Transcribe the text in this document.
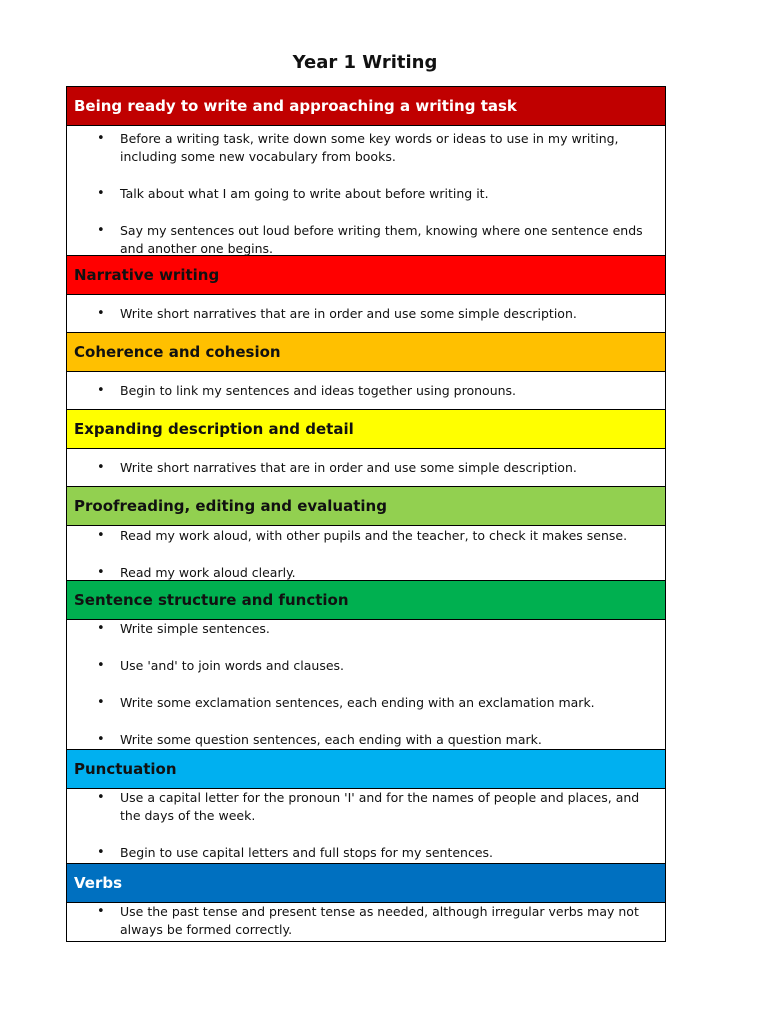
Year 1 Writing
Being ready to write and approaching a writing task
• Before a writing task, write down some key words or ideas to use in my writing, including some new vocabulary from books.
• Talk about what I am going to write about before writing it.
• Say my sentences out loud before writing them, knowing where one sentence ends and another one begins.
Narrative writing
• Write short narratives that are in order and use some simple description.
Coherence and cohesion
• Begin to link my sentences and ideas together using pronouns.
Expanding description and detail
• Write short narratives that are in order and use some simple description.
Proofreading, editing and evaluating
• Read my work aloud, with other pupils and the teacher, to check it makes sense.
• Read my work aloud clearly.
Sentence structure and function
• Write simple sentences.
• Use 'and' to join words and clauses.
• Write some exclamation sentences, each ending with an exclamation mark.
• Write some question sentences, each ending with a question mark.
Punctuation
• Use a capital letter for the pronoun 'I' and for the names of people and places, and the days of the week.
• Begin to use capital letters and full stops for my sentences.
Verbs
• Use the past tense and present tense as needed, although irregular verbs may not always be formed correctly.
